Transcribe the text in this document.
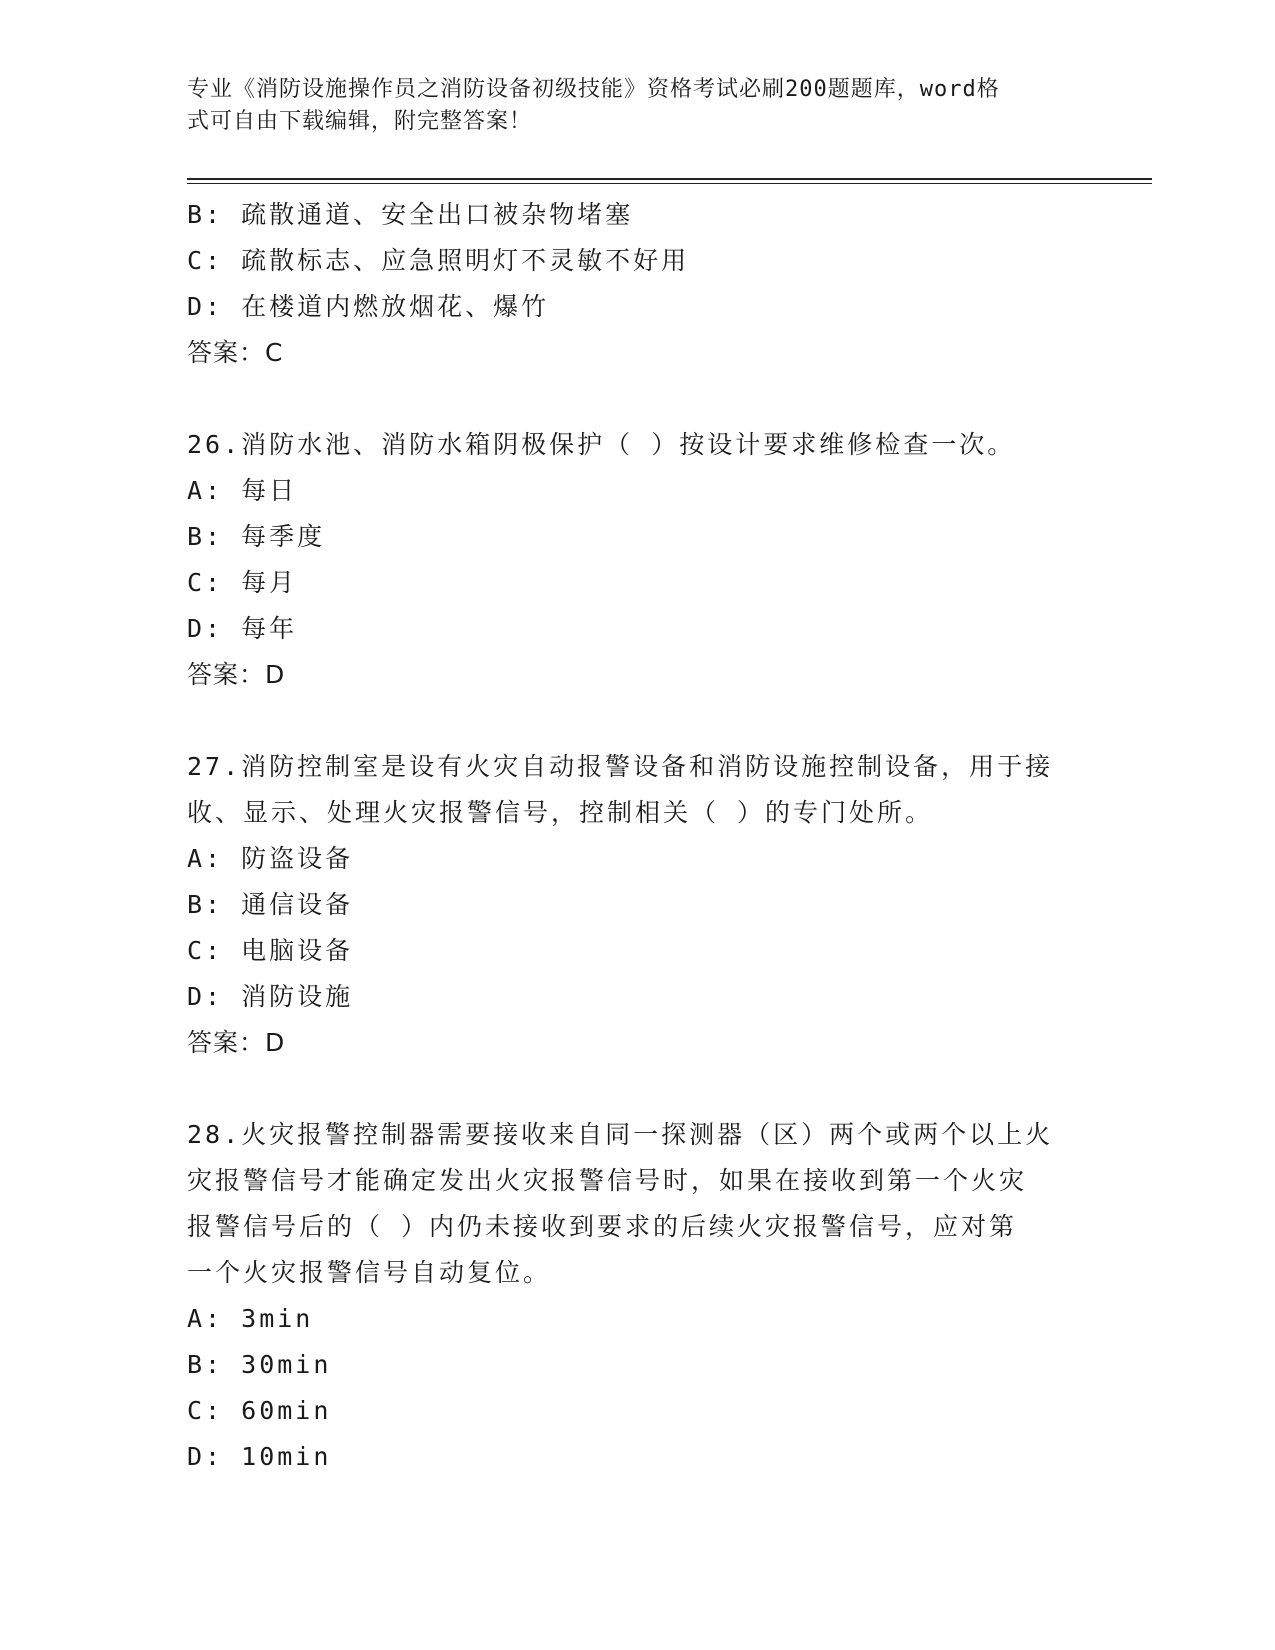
专业《消防设施操作员之消防设备初级技能》资格考试必刷200题题库，word格
式可自由下载编辑，附完整答案！
B: 疏散通道、安全出口被杂物堵塞
C: 疏散标志、应急照明灯不灵敏不好用
D: 在楼道内燃放烟花、爆竹
答案：C
26.消防水池、消防水箱阴极保护（ ）按设计要求维修检查一次。
A: 每日
B: 每季度
C: 每月
D: 每年
答案：D
27.消防控制室是设有火灾自动报警设备和消防设施控制设备，用于接
收、显示、处理火灾报警信号，控制相关（ ）的专门处所。
A: 防盗设备
B: 通信设备
C: 电脑设备
D: 消防设施
答案：D
28.火灾报警控制器需要接收来自同一探测器（区）两个或两个以上火
灾报警信号才能确定发出火灾报警信号时，如果在接收到第一个火灾
报警信号后的（ ）内仍未接收到要求的后续火灾报警信号，应对第
一个火灾报警信号自动复位。
A: 3min
B: 30min
C: 60min
D: 10min
